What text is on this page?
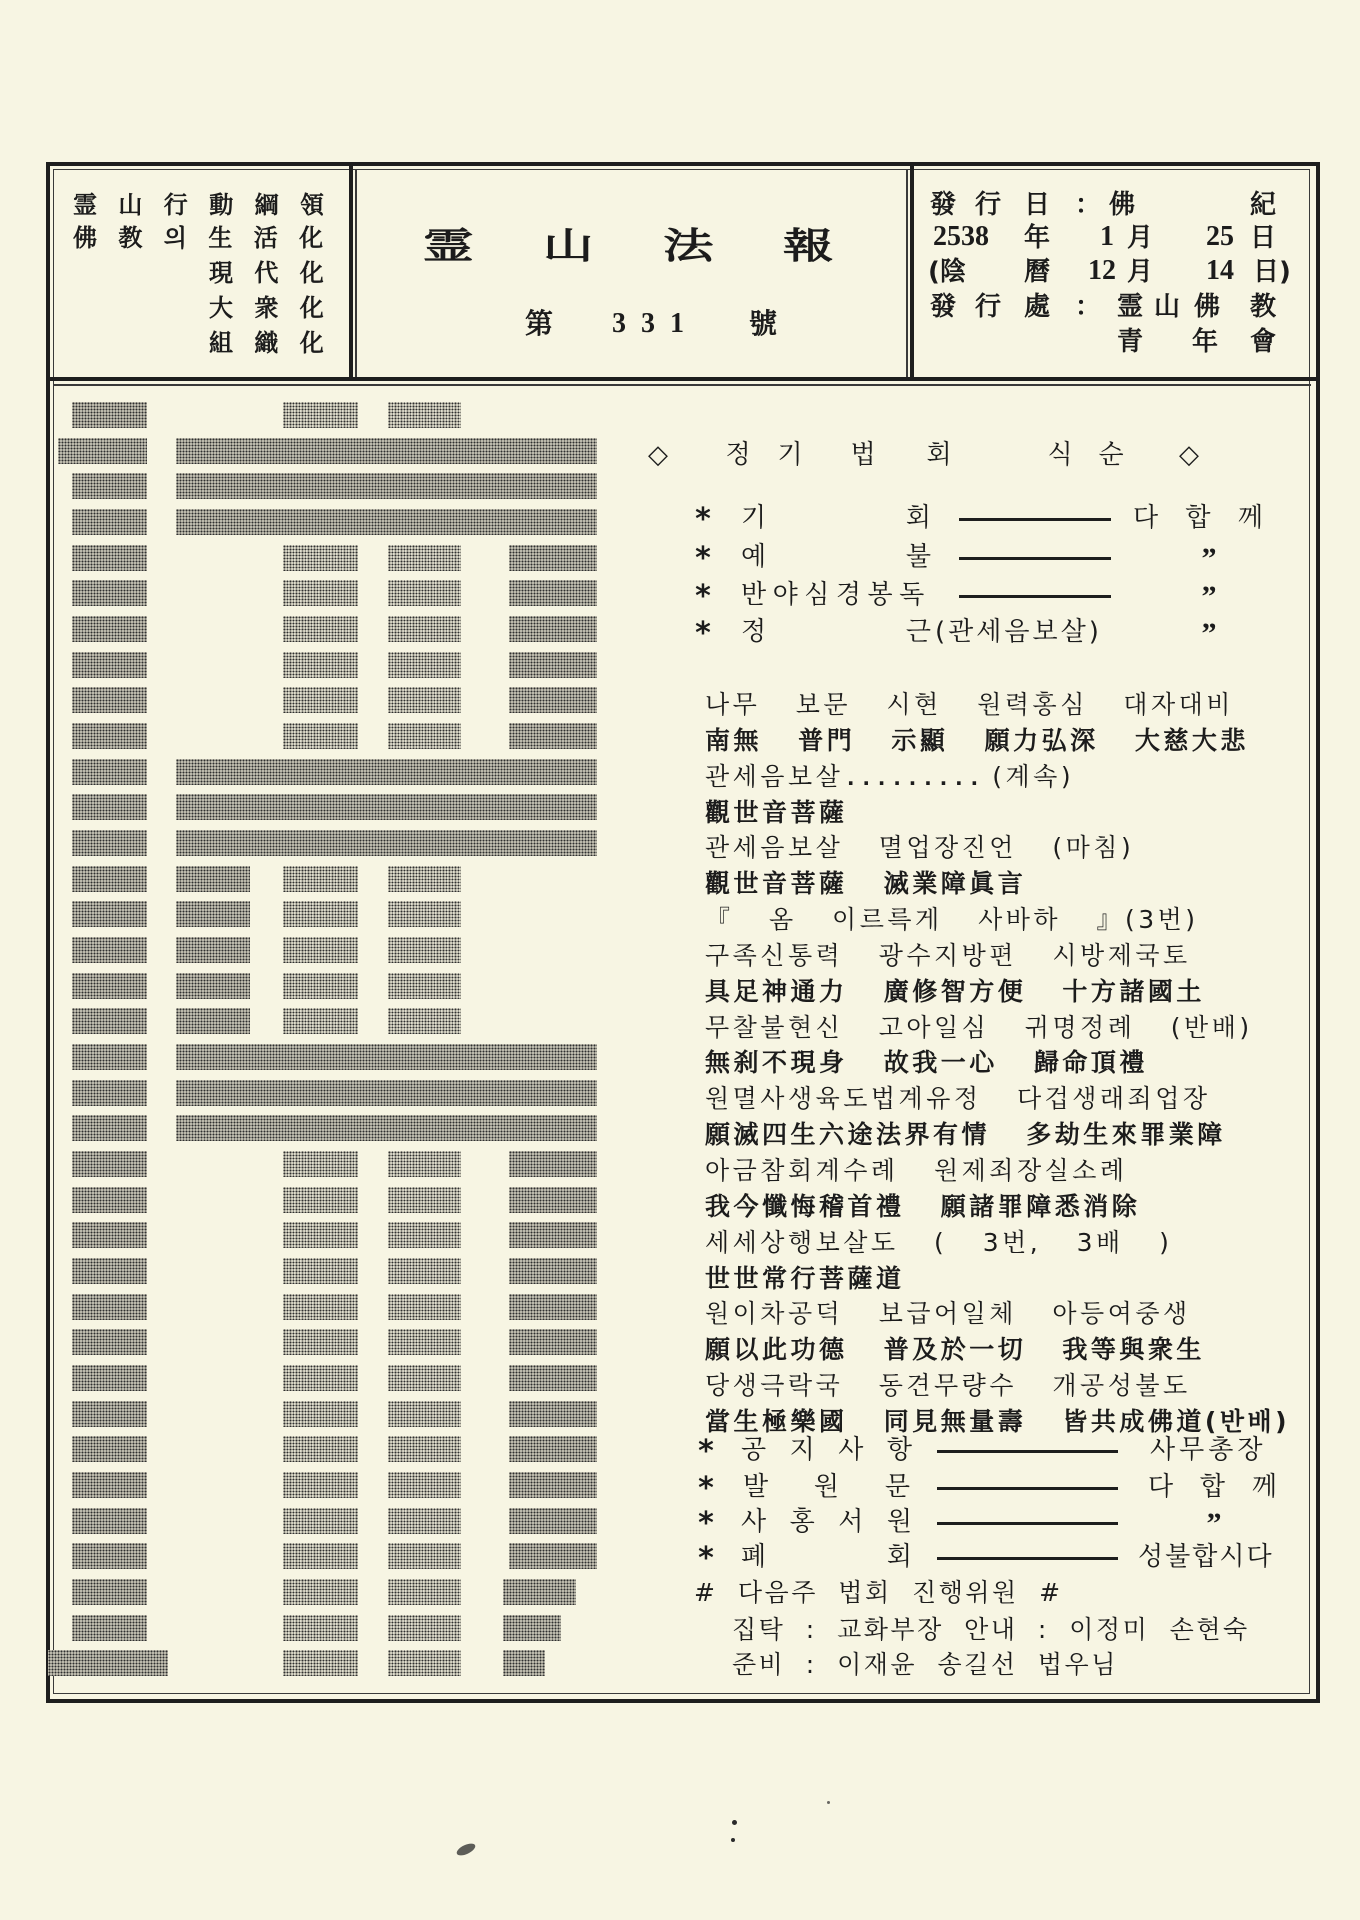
霊山行動綱領
佛教의生活化
現代化
大衆化
組織化
霊山法報
第 331 號
發 行 日 ： 佛	紀
2538 年 1 月 25 日
(陰 曆 12 月 14 日)
發 行 處 ： 霊 山 佛 教
青 年 會
◇ 정 기 법 회	식 순 ◇
* 기 회	다 합 께
* 예 불	”
* 반야심경봉독	”
* 정 근 (관세음보살)	”
나무 보문 시현 원력홍심 대자대비
南無 普門 示顯 願力弘深 大慈大悲
관세음보살 ......... (계속)
觀世音菩薩
관세음보살 멸업장진언 (마침)
觀世音菩薩 滅業障眞言
『 옴 이르륵게 사바하 』(3번)
구족신통력 광수지방편 시방제국토
具足神通力 廣修智方便 十方諸國土
무찰불현신 고아일심 귀명정례 (반배)
無刹不現身 故我一心 歸命頂禮
원멸사생육도법계유정 다겁생래죄업장
願滅四生六途法界有情 多劫生來罪業障
아금참회계수례 원제죄장실소례
我今懺悔稽首禮 願諸罪障悉消除
세세상행보살도 ( 3번, 3배 )
世世常行菩薩道
원이차공덕 보급어일체 아등여중생
願以此功德 普及於一切 我等與衆生
당생극락국 동견무량수 개공성불도
當生極樂國 同見無量壽 皆共成佛道(반배)
* 공 지 사 항	사무총장
* 발 원 문	다 합 께
* 사 홍 서 원	”
* 폐 회	성불합시다
# 다음주 법회 진행위원 #
집탁 : 교화부장 안내 : 이정미 손현숙
준비 : 이재윤 송길선 법우님
